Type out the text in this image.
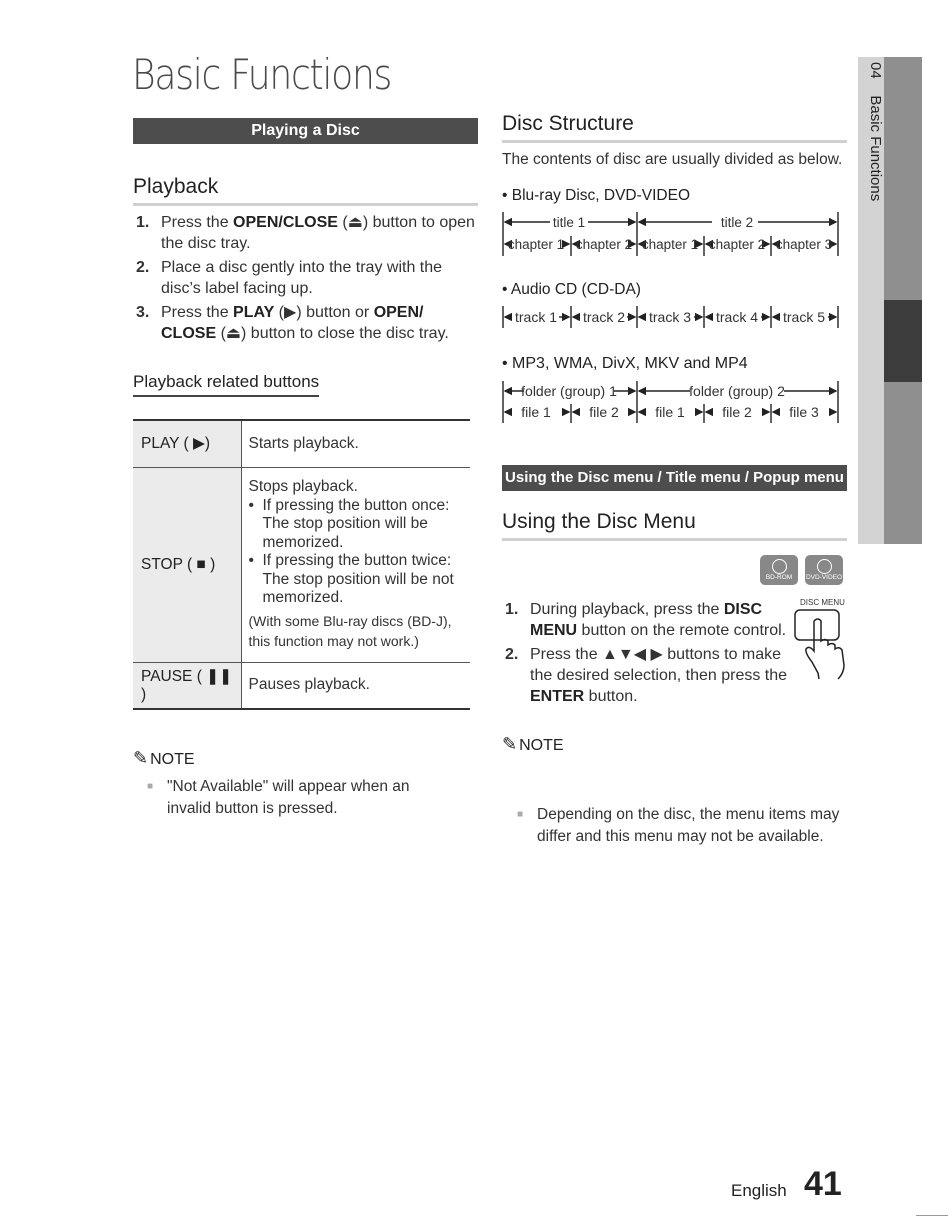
Basic Functions	04    Basic Functions
Playing a Disc
Playback
1. Press the OPEN/CLOSE (⏏) button to open the disc tray.
2. Place a disc gently into the tray with the disc’s label facing up.
3. Press the PLAY (▶) button or OPEN/ CLOSE (⏏) button to close the disc tray.
Playback related buttons
PLAY ( ▶)	Starts playback.
STOP ( ■ )	Stops playback.
• If pressing the button once: The stop position will be memorized.
• If pressing the button twice: The stop position will be not memorized.
(With some Blu-ray discs (BD-J), this function may not work.)

PAUSE ( ❚❚ )	Pauses playback.
✎ NOTE
■ "Not Available" will appear when an invalid button is pressed.
Disc Structure
The contents of disc are usually divided as below.
• Blu-ray Disc, DVD-VIDEO
• Audio CD (CD-DA)
• MP3, WMA, DivX, MKV and MP4
title 1	title 2
chapter 1 chapter 2 chapter 1 chapter 2 chapter 3
track 1 track 2 track 3 track 4 track 5
folder (group) 1	folder (group) 2
file 1	file 2	file 1	file 2	file 3
Using the Disc menu / Title menu / Popup menu
Using the Disc Menu
BD-ROM	DVD-VIDEO
DISC MENU
1. During playback, press the DISC MENU button on the remote control.
2. Press the ▲▼◀ ▶ buttons to make the desired selection, then press the ENTER button.
✎ NOTE
■ Depending on the disc, the menu items may differ and this menu may not be available.
English 41
